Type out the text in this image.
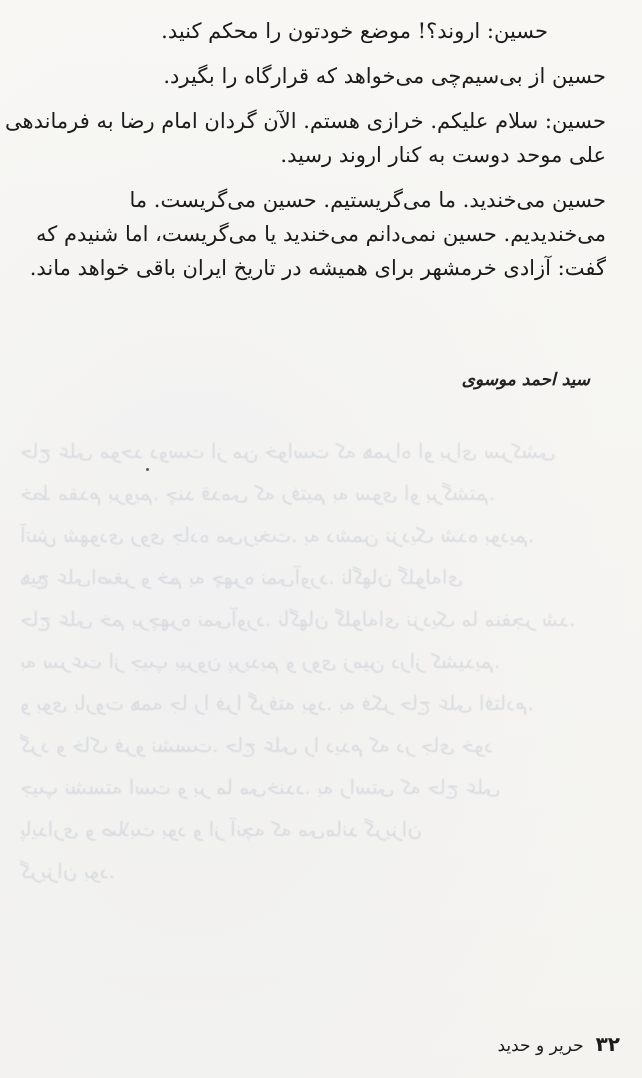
حاج علی موحد دوست از من خواست که همراه او برای سرکشی
خط مقدم برویم. چند قدمی که رفتیم به سوی او برگشتم.
آتش شهودی روی جاده می‌ریخت. به دشمن نزدیک شده بودیم.
هیچ علی‌اصغر و خم به چهره نمی‌آورد. ناگهان گلوله‌ای
حاج علی خم برچهره نمی‌آورد. ناگهان گلوله‌ای نزدیک ما منفجر شد.
به سرعت از جیپ بیرون پریدیم و روی زمین دراز کشیدیم.
و بوی باروت همه جا را فرا گرفته بود. به فکر حاج علی افتادم.
گرد و خاک فرو نشست. حاج علی را دیدم که در جای خود
جیپ نشسته است و بر ما می‌خندد. به راستی که حاج علی
پایداری و صلابت بود و از آنچه که می‌ماند گریزان
گریزان بود.

حسین: اروند؟! موضع خودتون را محکم کنید.

حسین از بی‌سیم‌چی می‌خواهد که قرارگاه را بگیرد.

حسین: سلام علیکم. خرازی هستم. الآن گردان امام رضا به فرماندهی
علی موحد دوست به کنار اروند رسید.

حسین می‌خندید. ما می‌گریستیم. حسین می‌گریست. ما
می‌خندیدیم. حسین نمی‌دانم می‌خندید یا می‌گریست، اما شنیدم که
گفت: آزادی خرمشهر برای همیشه در تاریخ ایران باقی خواهد ماند.

سید احمد موسوی
۳۲
حریر و حدید
